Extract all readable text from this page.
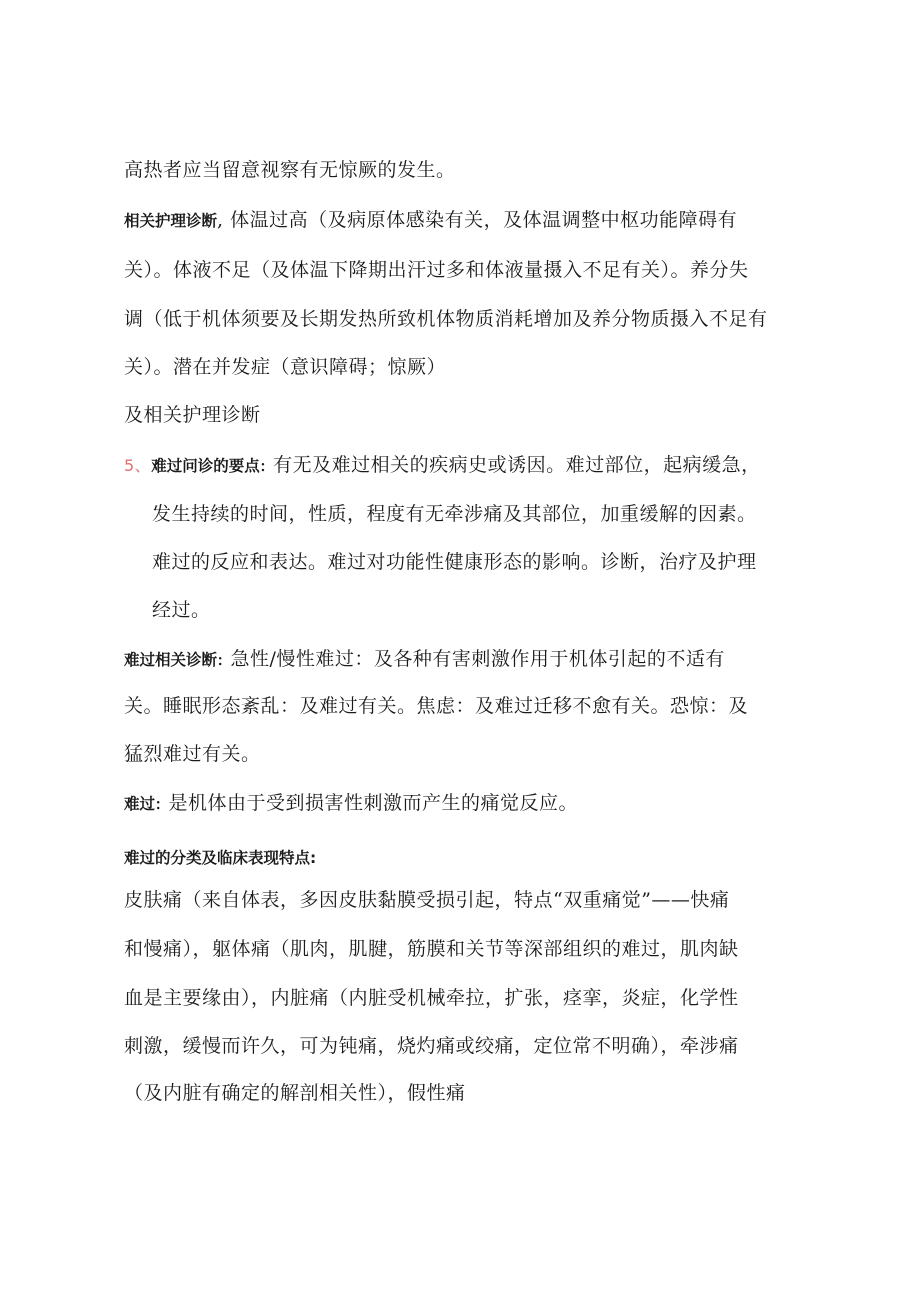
高热者应当留意视察有无惊厥的发生。
相关护理诊断, 体温过高（及病原体感染有关，及体温调整中枢功能障碍有
关）。体液不足（及体温下降期出汗过多和体液量摄入不足有关）。养分失
调（低于机体须要及长期发热所致机体物质消耗增加及养分物质摄入不足有
关）。潜在并发症（意识障碍；惊厥）
及相关护理诊断
5、难过问诊的要点: 有无及难过相关的疾病史或诱因。难过部位，起病缓急，
发生持续的时间，性质，程度有无牵涉痛及其部位，加重缓解的因素。
难过的反应和表达。难过对功能性健康形态的影响。诊断，治疗及护理
经过。
难过相关诊断: 急性/慢性难过：及各种有害刺激作用于机体引起的不适有
关。睡眠形态紊乱：及难过有关。焦虑：及难过迁移不愈有关。恐惊：及
猛烈难过有关。
难过: 是机体由于受到损害性刺激而产生的痛觉反应。
难过的分类及临床表现特点:
皮肤痛（来自体表，多因皮肤黏膜受损引起，特点“双重痛觉”——快痛
和慢痛），躯体痛（肌肉，肌腱，筋膜和关节等深部组织的难过，肌肉缺
血是主要缘由），内脏痛（内脏受机械牵拉，扩张，痉挛，炎症，化学性
刺激，缓慢而许久，可为钝痛，烧灼痛或绞痛，定位常不明确），牵涉痛
（及内脏有确定的解剖相关性），假性痛
